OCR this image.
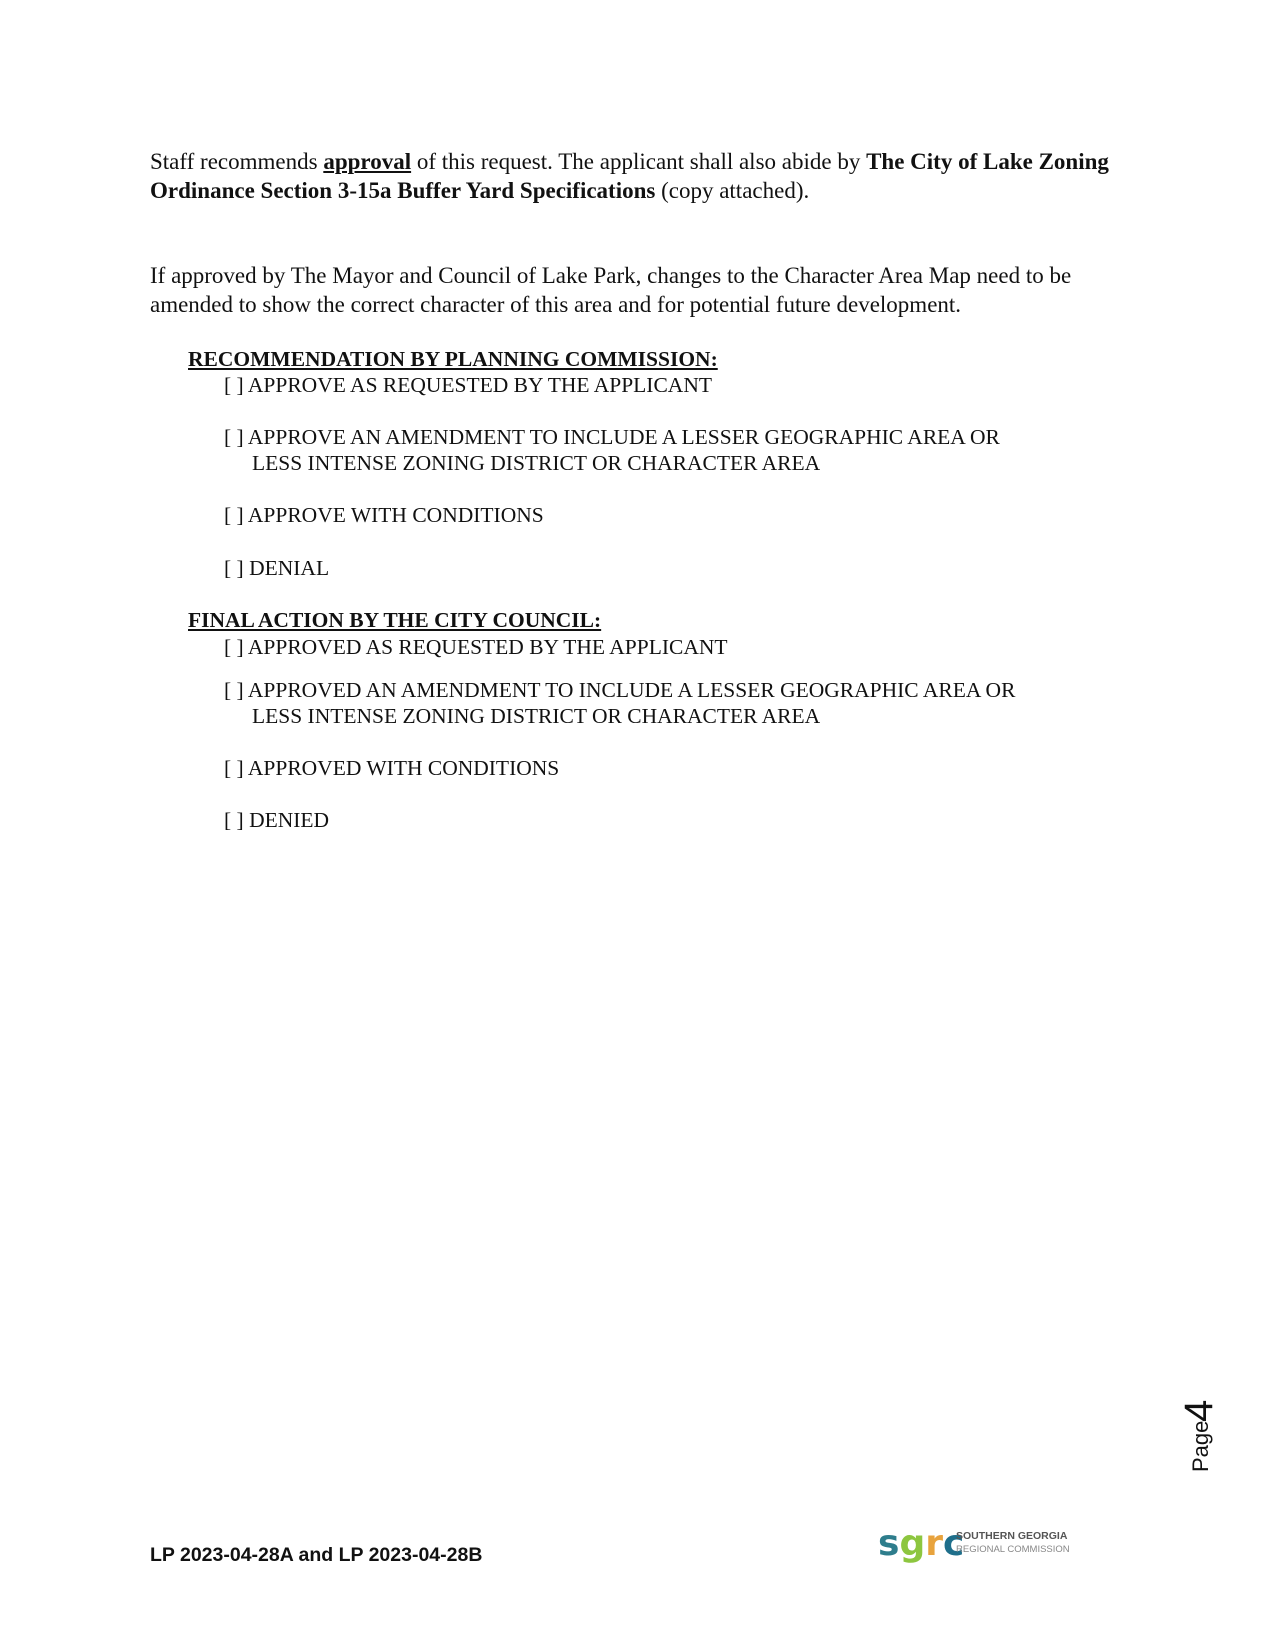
Staff recommends approval of this request. The applicant shall also abide by The City of Lake Zoning Ordinance Section 3-15a Buffer Yard Specifications (copy attached).

If approved by The Mayor and Council of Lake Park, changes to the Character Area Map need to be amended to show the correct character of this area and for potential future development.

RECOMMENDATION BY PLANNING COMMISSION:
[ ] APPROVE AS REQUESTED BY THE APPLICANT
[ ] APPROVE AN AMENDMENT TO INCLUDE A LESSER GEOGRAPHIC AREA OR
LESS INTENSE ZONING DISTRICT OR CHARACTER AREA
[ ] APPROVE WITH CONDITIONS
[ ] DENIAL
FINAL ACTION BY THE CITY COUNCIL:
[ ] APPROVED AS REQUESTED BY THE APPLICANT
[ ] APPROVED AN AMENDMENT TO INCLUDE A LESSER GEOGRAPHIC AREA OR
LESS INTENSE ZONING DISTRICT OR CHARACTER AREA
[ ] APPROVED WITH CONDITIONS
[ ] DENIED
Page
4
LP 2023-04-28A and LP 2023-04-28B	sgrc
SOUTHERN GEORGIA
REGIONAL COMMISSION
